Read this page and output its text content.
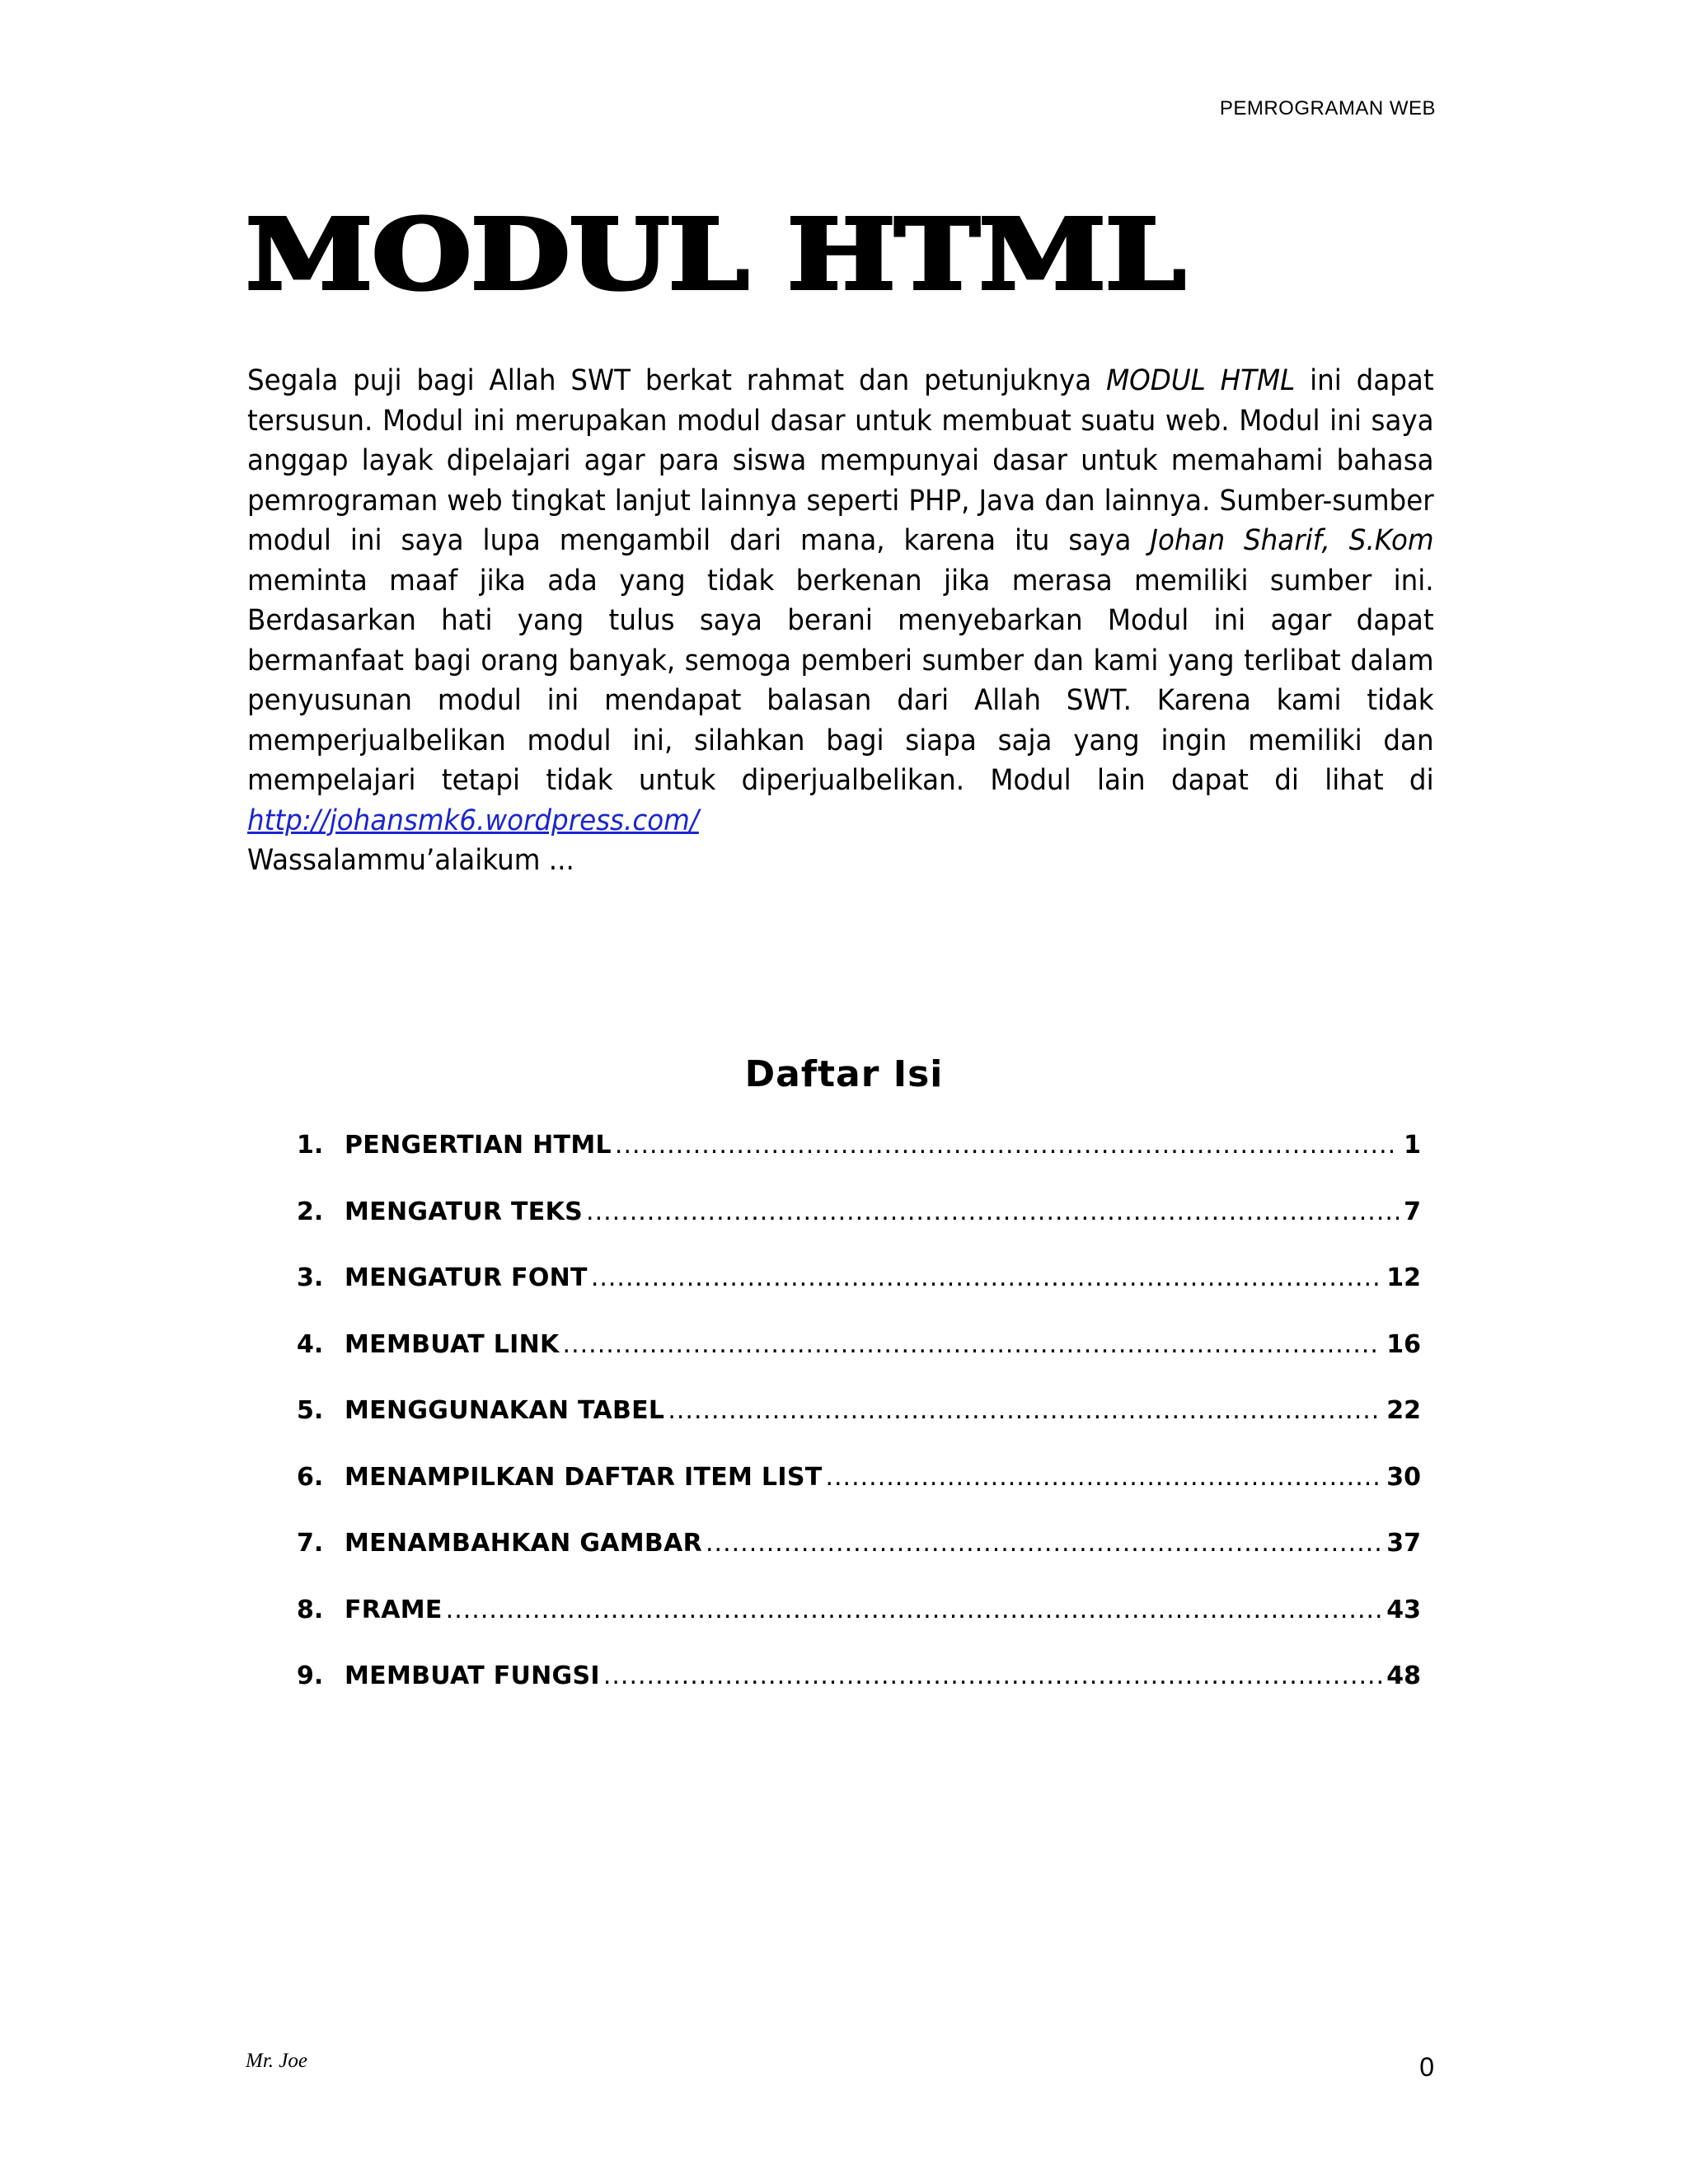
PEMROGRAMAN WEB
MODUL HTML

Segala puji bagi Allah SWT berkat rahmat dan petunjuknya MODUL HTML ini dapat tersusun. Modul ini merupakan modul dasar untuk membuat suatu web. Modul ini saya anggap layak dipelajari agar para siswa mempunyai dasar untuk memahami bahasa pemrograman web tingkat lanjut lainnya seperti PHP, Java dan lainnya. Sumber-sumber modul ini saya lupa mengambil dari mana, karena itu saya Johan Sharif, S.Kom meminta maaf jika ada yang tidak berkenan jika merasa memiliki sumber ini. Berdasarkan hati yang tulus saya berani menyebarkan Modul ini agar dapat bermanfaat bagi orang banyak, semoga pemberi sumber dan kami yang terlibat dalam penyusunan modul ini mendapat balasan dari Allah SWT. Karena kami tidak memperjualbelikan modul ini, silahkan bagi siapa saja yang ingin memiliki dan mempelajari tetapi tidak untuk diperjualbelikan. Modul lain dapat di lihat di http://johansmk6.wordpress.com/
Wassalammu’alaikum ...

Daftar Isi
1. PENGERTIAN HTML .....	1
2. MENGATUR TEKS .....	7
3. MENGATUR FONT .....	12
4. MEMBUAT LINK .....	16
5. MENGGUNAKAN TABEL .....	22
6. MENAMPILKAN DAFTAR ITEM LIST .....	30
7. MENAMBAHKAN GAMBAR .....	37
8. FRAME .....	43
9. MEMBUAT FUNGSI .....	48
Mr. Joe	0
